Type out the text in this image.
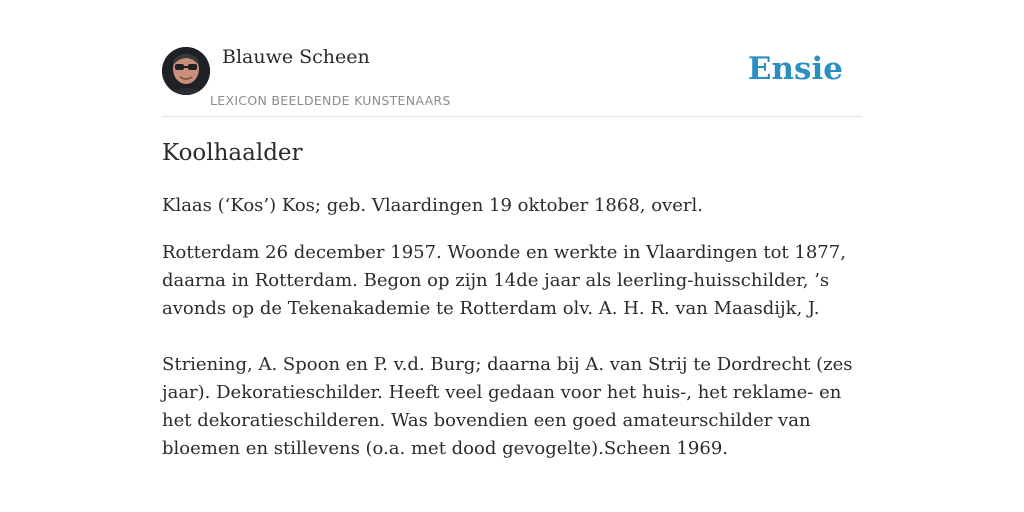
Blauwe Scheen
LEXICON BEELDENDE KUNSTENAARS
Ensie
Koolhaalder

Klaas (‘Kos’) Kos; geb. Vlaardingen 19 oktober 1868, overl.

Rotterdam 26 december 1957. Woonde en werkte in Vlaardingen tot 1877, daarna in Rotterdam. Begon op zijn 14de jaar als leerling-huisschilder, ’s avonds op de Tekenakademie te Rotterdam olv. A. H. R. van Maasdijk, J.

Striening, A. Spoon en P. v.d. Burg; daarna bij A. van Strij te Dordrecht (zes jaar). Dekoratieschilder. Heeft veel gedaan voor het huis-, het reklame- en het dekoratieschilderen. Was bovendien een goed amateurschilder van bloemen en stillevens (o.a. met dood gevogelte).Scheen 1969.
